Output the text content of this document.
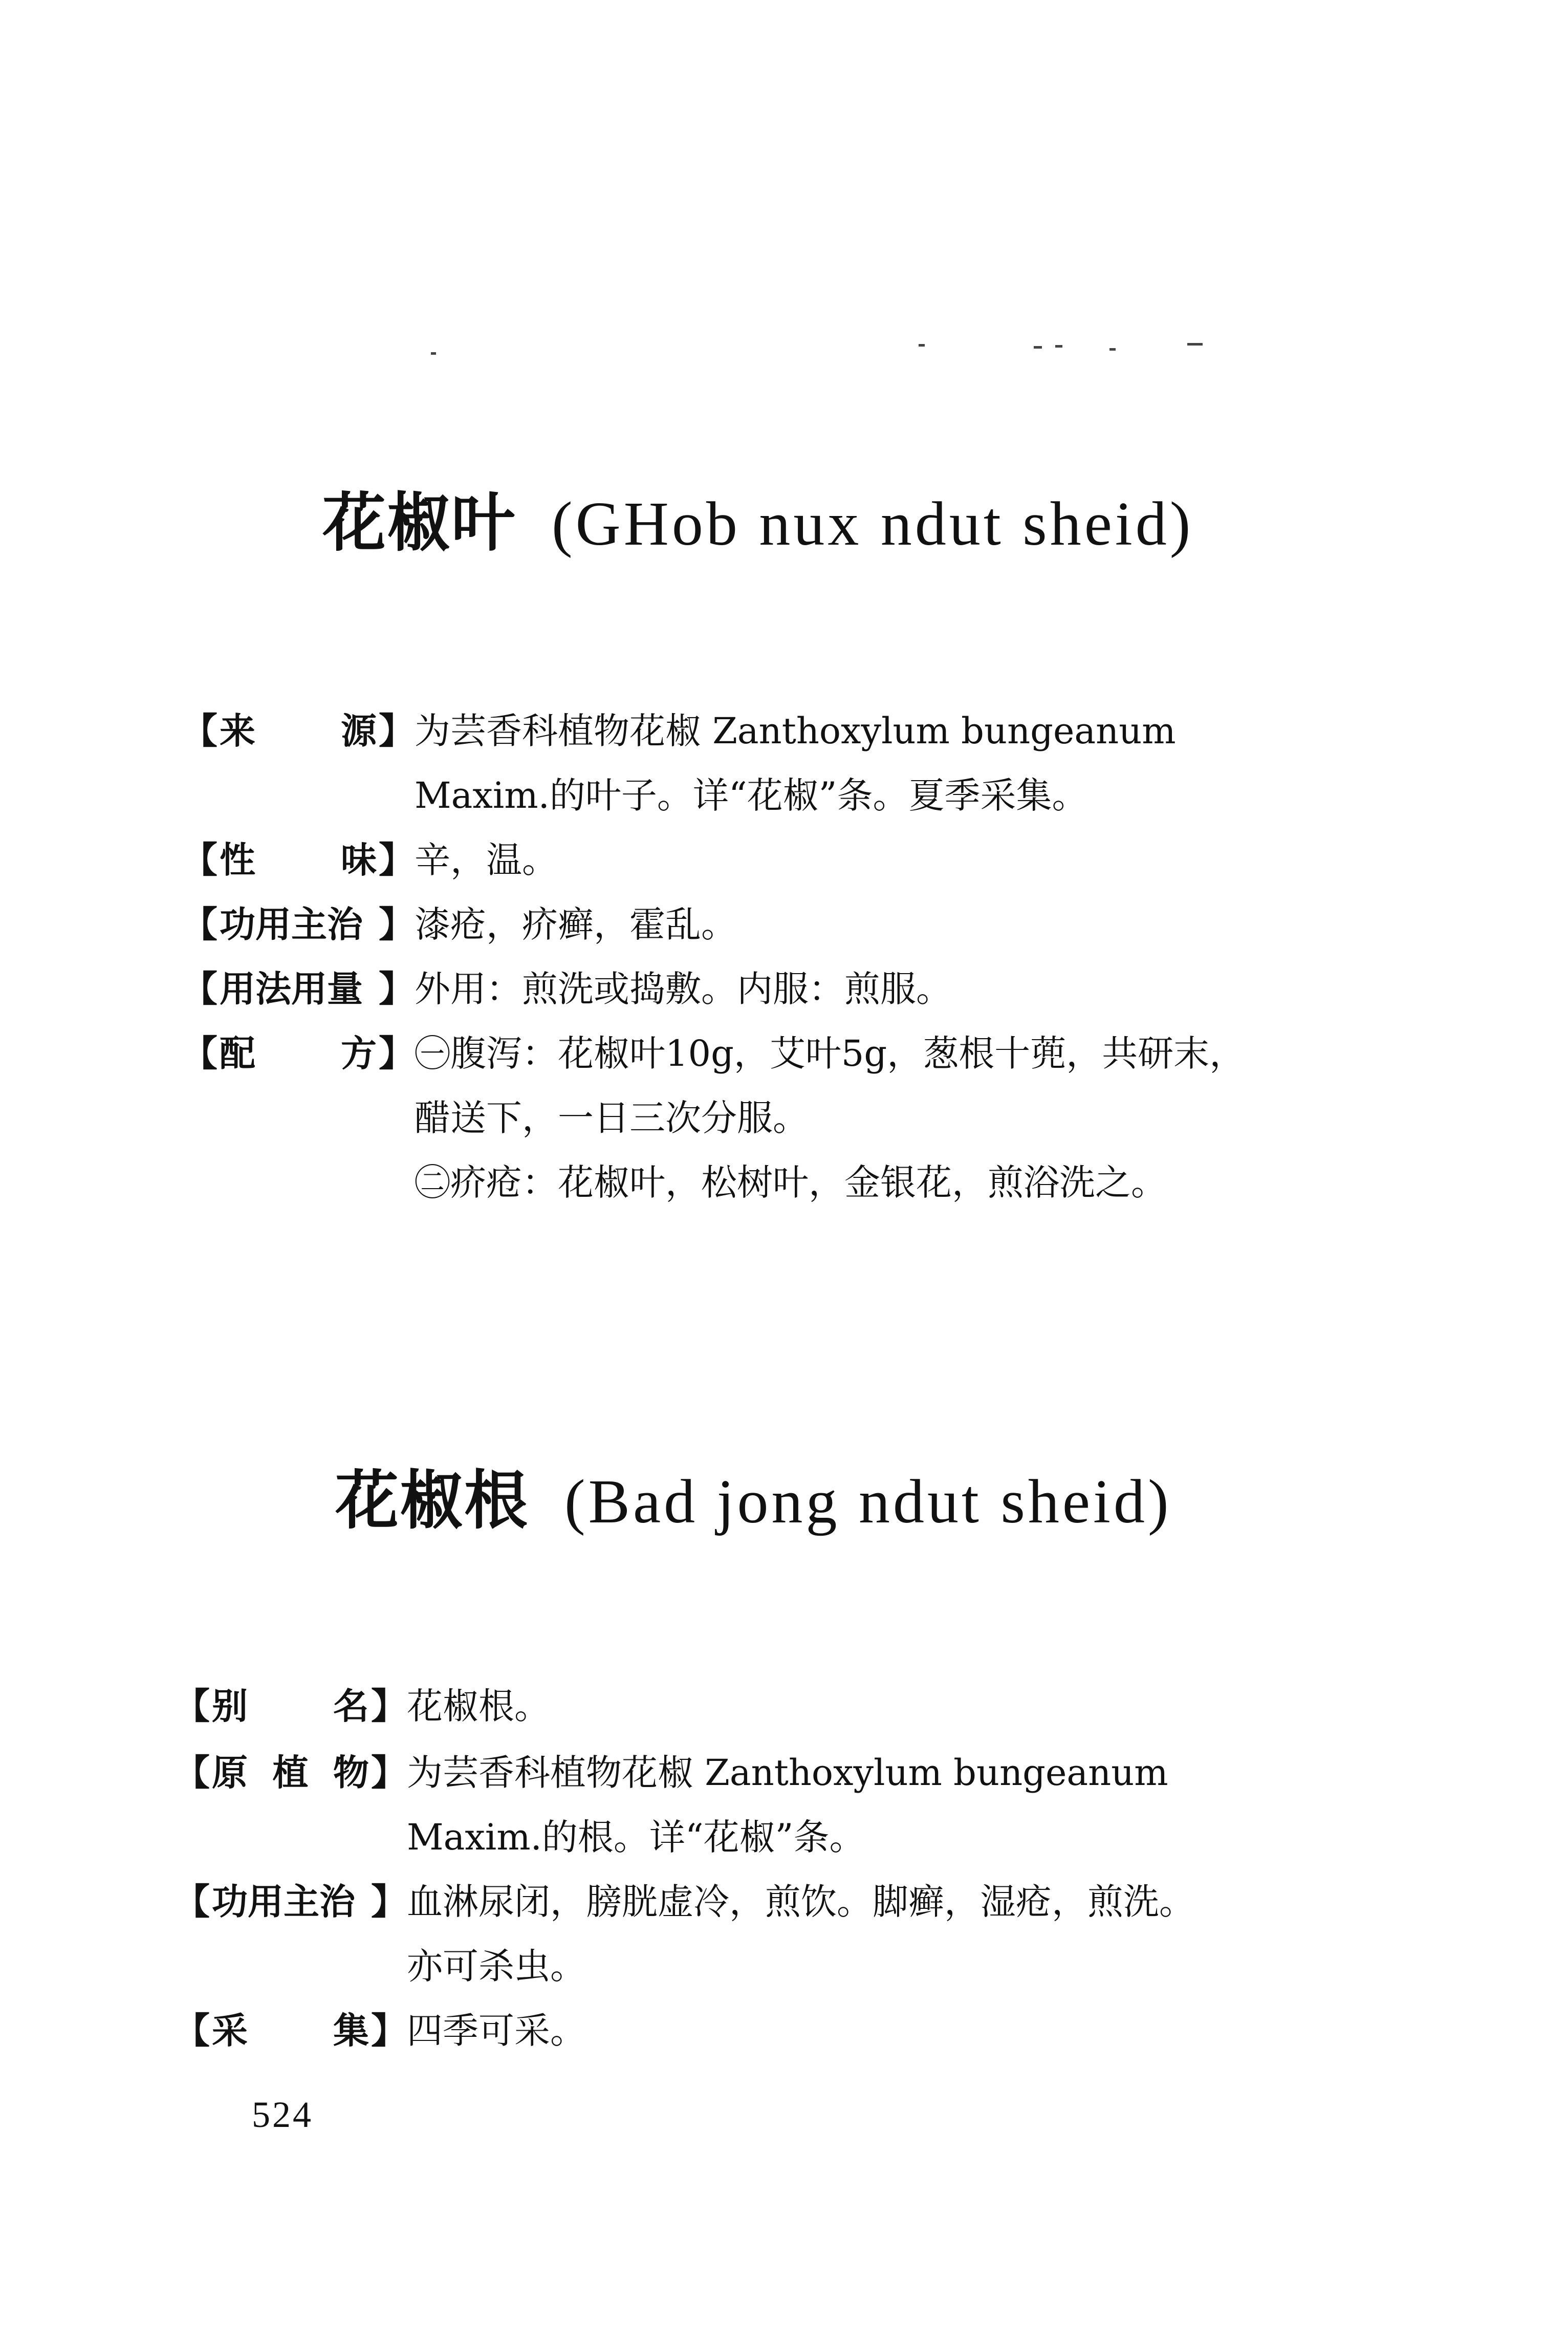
花椒叶 (GHob nux ndut sheid)
【 来 源 】 为芸香科植物花椒 Zanthoxylum bungeanum
Maxim.的叶子。详“花椒”条。夏季采集。
【 性 味 】 辛，温。
【 功用主治 】 漆疮，疥癣，霍乱。
【 用法用量 】 外用：煎洗或捣敷。内服：煎服。
【 配 方 】 ㊀腹泻：花椒叶10g，艾叶5g，葱根十蔸，共研末，
醋送下，一日三次分服。
㊁疥疮：花椒叶，松树叶，金银花，煎浴洗之。
花椒根 (Bad jong ndut sheid)
【 别 名 】 花椒根。
【 原 植 物 】 为芸香科植物花椒 Zanthoxylum bungeanum
Maxim.的根。详“花椒”条。
【 功用主治 】 血淋尿闭，膀胱虚冷，煎饮。脚癣，湿疮，煎洗。
亦可杀虫。
【 采 集 】 四季可采。
524
